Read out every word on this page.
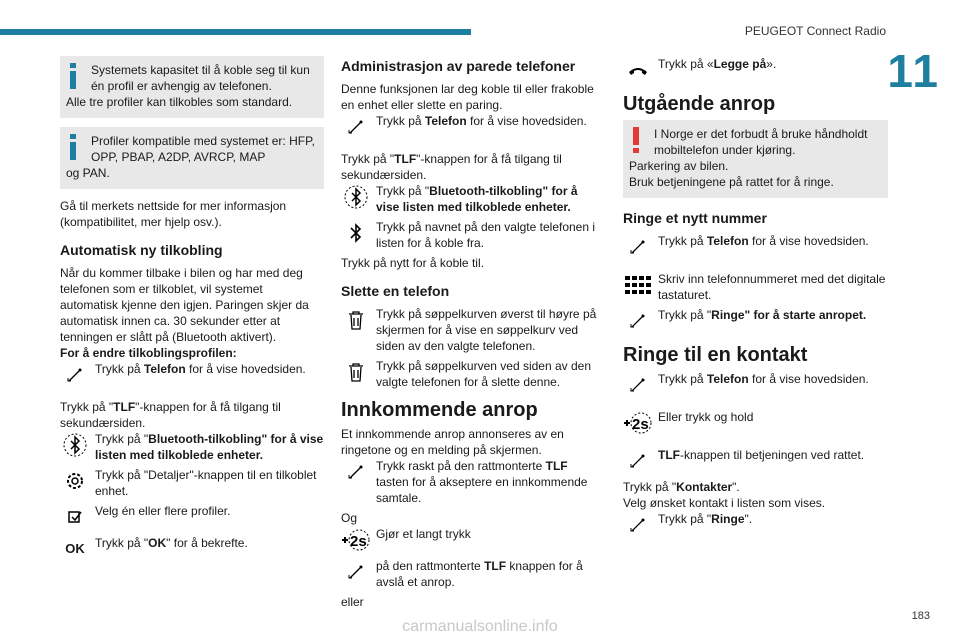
PEUGEOT Connect Radio
11
Systemets kapasitet til å koble seg til kun én profil er avhengig av telefonen.
Alle tre profiler kan tilkobles som standard.
Profiler kompatible med systemet er: HFP, OPP, PBAP, A2DP, AVRCP, MAP
og PAN.

Gå til merkets nettside for mer informasjon (kompatibilitet, mer hjelp osv.).

Automatisk ny tilkobling

Når du kommer tilbake i bilen og har med deg telefonen som er tilkoblet, vil systemet automatisk kjenne den igjen. Paringen skjer da automatisk innen ca. 30 sekunder etter at tenningen er slått på (Bluetooth aktivert).

For å endre tilkoblingsprofilen:

Trykk på Telefon for å vise hovedsiden.

Trykk på "TLF"-knappen for å få tilgang til sekundærsiden.

Trykk på "Bluetooth-tilkobling" for å vise listen med tilkoblede enheter.

Trykk på "Detaljer"-knappen til en tilkoblet enhet.

Velg én eller flere profiler.

OK Trykk på "OK" for å bekrefte.

Administrasjon av parede telefoner

Denne funksjonen lar deg koble til eller frakoble en enhet eller slette en paring.

Trykk på Telefon for å vise hovedsiden.

Trykk på "TLF"-knappen for å få tilgang til sekundærsiden.

Trykk på "Bluetooth-tilkobling" for å vise listen med tilkoblede enheter.

Trykk på navnet på den valgte telefonen i listen for å koble fra.

Trykk på nytt for å koble til.

Slette en telefon

Trykk på søppelkurven øverst til høyre på skjermen for å vise en søppelkurv ved siden av den valgte telefonen.

Trykk på søppelkurven ved siden av den valgte telefonen for å slette denne.

Innkommende anrop

Et innkommende anrop annonseres av en ringetone og en melding på skjermen.

Trykk raskt på den rattmonterte TLF tasten for å akseptere en innkommende samtale.

Og

2s Gjør et langt trykk

på den rattmonterte TLF knappen for å avslå et anrop.

eller

Trykk på «Legge på».

Utgående anrop
I Norge er det forbudt å bruke håndholdt mobiltelefon under kjøring.
Parkering av bilen.
Bruk betjeningene på rattet for å ringe.
Ringe et nytt nummer

Trykk på Telefon for å vise hovedsiden.

Skriv inn telefonnummeret med det digitale tastaturet.

Trykk på "Ringe" for å starte anropet.

Ringe til en kontakt

Trykk på Telefon for å vise hovedsiden.

2s Eller trykk og hold

TLF-knappen til betjeningen ved rattet.

Trykk på "Kontakter".

Velg ønsket kontakt i listen som vises.

Trykk på "Ringe".

183
carmanualsonline.info
